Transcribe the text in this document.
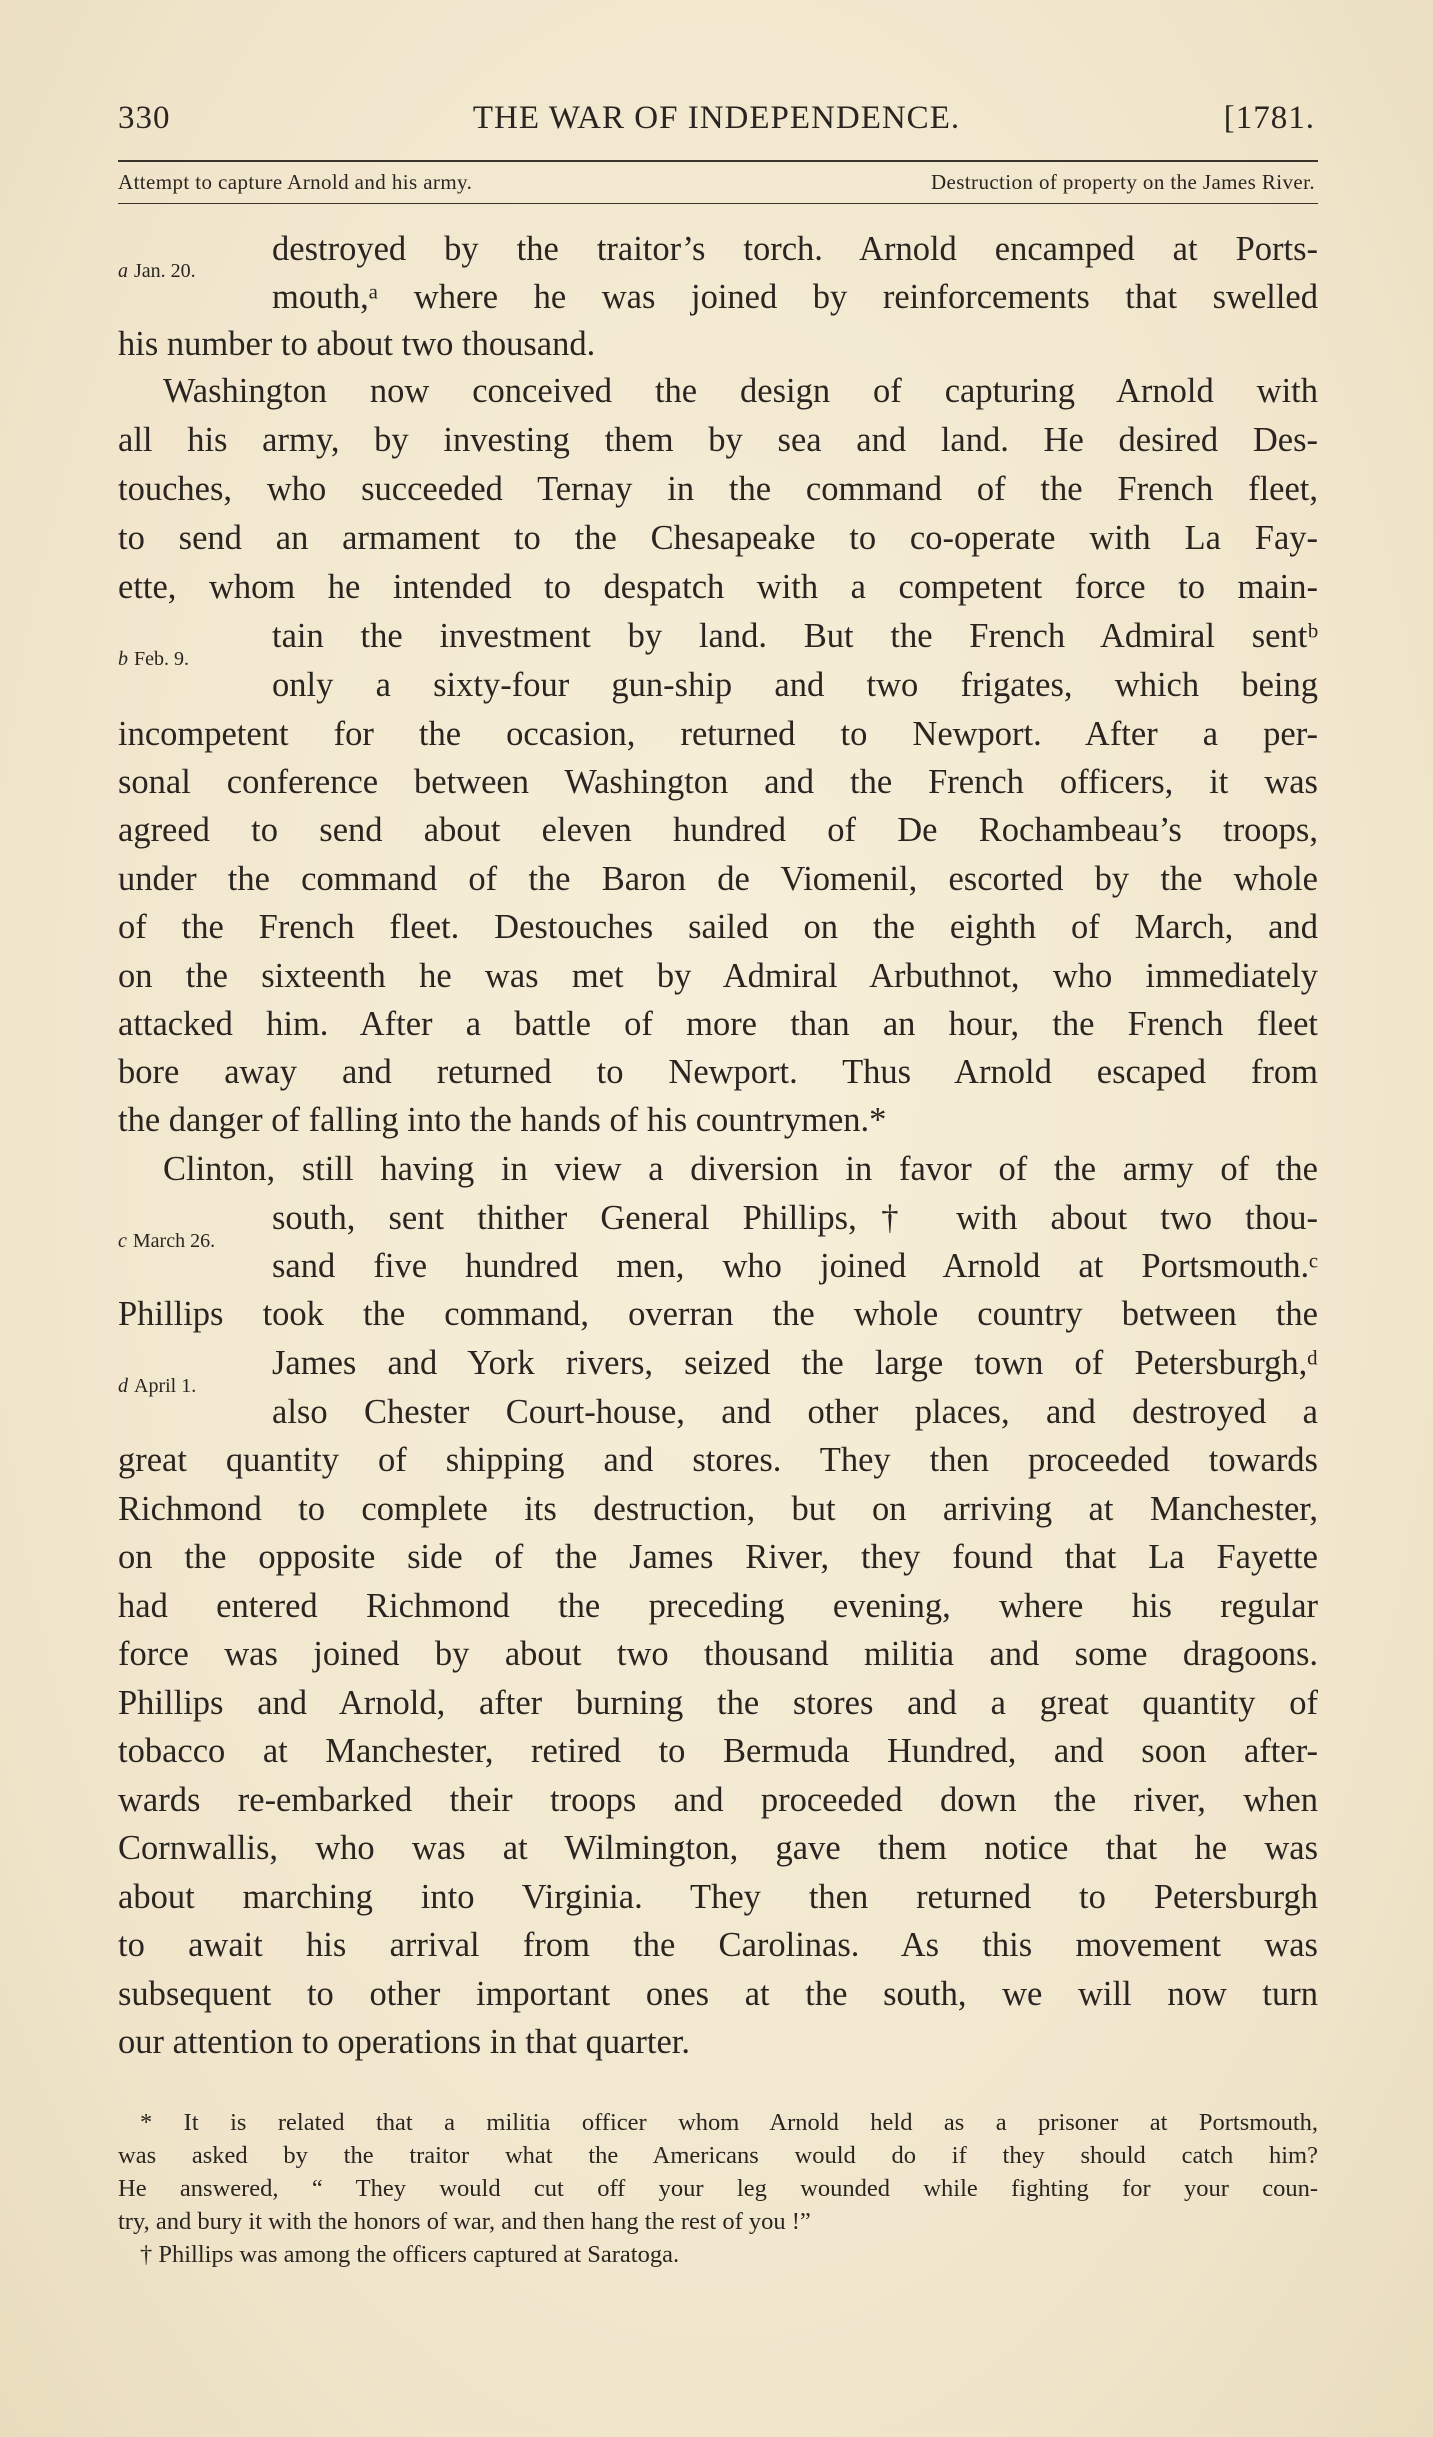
330	THE WAR OF INDEPENDENCE.	[1781.
Attempt to capture Arnold and his army.	Destruction of property on the James River.
a Jan. 20.
b Feb. 9.
c March 26.
d April 1.
destroyed by the traitor’s torch. Arnold encamped at Ports-
mouth,ᵃ where he was joined by reinforcements that swelled
his number to about two thousand.
Washington now conceived the design of capturing Arnold with
all his army, by investing them by sea and land. He desired Des-
touches, who succeeded Ternay in the command of the French fleet,
to send an armament to the Chesapeake to co-operate with La Fay-
ette, whom he intended to despatch with a competent force to main-
tain the investment by land. But the French Admiral sentᵇ
only a sixty-four gun-ship and two frigates, which being
incompetent for the occasion, returned to Newport. After a per-
sonal conference between Washington and the French officers, it was
agreed to send about eleven hundred of De Rochambeau’s troops,
under the command of the Baron de Viomenil, escorted by the whole
of the French fleet. Destouches sailed on the eighth of March, and
on the sixteenth he was met by Admiral Arbuthnot, who immediately
attacked him. After a battle of more than an hour, the French fleet
bore away and returned to Newport. Thus Arnold escaped from
the danger of falling into the hands of his countrymen.*
Clinton, still having in view a diversion in favor of the army of the
south, sent thither General Phillips,† with about two thou-
sand five hundred men, who joined Arnold at Portsmouth.ᶜ
Phillips took the command, overran the whole country between the
James and York rivers, seized the large town of Petersburgh,ᵈ
also Chester Court-house, and other places, and destroyed a
great quantity of shipping and stores. They then proceeded towards
Richmond to complete its destruction, but on arriving at Manchester,
on the opposite side of the James River, they found that La Fayette
had entered Richmond the preceding evening, where his regular
force was joined by about two thousand militia and some dragoons.
Phillips and Arnold, after burning the stores and a great quantity of
tobacco at Manchester, retired to Bermuda Hundred, and soon after-
wards re-embarked their troops and proceeded down the river, when
Cornwallis, who was at Wilmington, gave them notice that he was
about marching into Virginia. They then returned to Petersburgh
to await his arrival from the Carolinas. As this movement was
subsequent to other important ones at the south, we will now turn
our attention to operations in that quarter.
* It is related that a militia officer whom Arnold held as a prisoner at Portsmouth,
was asked by the traitor what the Americans would do if they should catch him?
He answered, “ They would cut off your leg wounded while fighting for your coun-
try, and bury it with the honors of war, and then hang the rest of you !”
† Phillips was among the officers captured at Saratoga.
